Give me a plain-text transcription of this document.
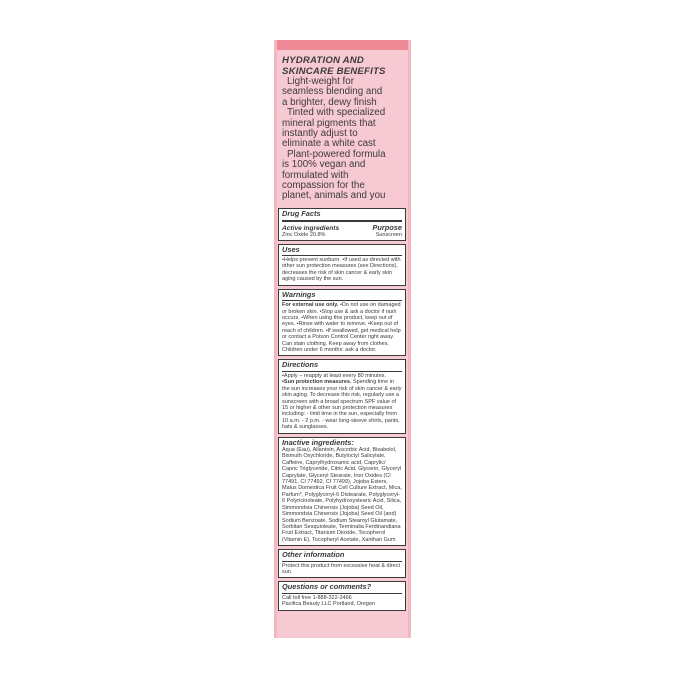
HYDRATION AND
SKINCARE BENEFITS

Light-weight for

seamless blending and

a brighter, dewy finish

Tinted with specialized

mineral pigments that

instantly adjust to

eliminate a white cast

Plant-powered formula

is 100% vegan and

formulated with

compassion for the

planet, animals and you

Drug Facts
Active ingredients	Purpose
Zinc Oxide 20.8%	Sunscreen
Uses
•Helps prevent sunburn. •If used as directed with other sun protection measures (see Directions), decreases the risk of skin cancer & early skin aging caused by the sun.
Warnings
For external use only. •Do not use on damaged or broken skin. •Stop use & ask a doctor if rash occurs. •When using this product, keep out of eyes. •Rinse with water to remove. •Keep out of reach of children. •If swallowed, get medical help or contact a Poison Control Center right away. Can stain clothing. Keep away from clothes. Children under 6 months: ask a doctor.
Directions
•Apply – reapply at least every 80 minutes.
•Sun protection measures. Spending time in the sun increases your risk of skin cancer & early skin aging. To decrease this risk, regularly use a sunscreen with a broad spectrum SPF value of 15 or higher & other sun protection measures including: - limit time in the sun, especially from 10 a.m. - 2 p.m. - wear long-sleeve shirts, pants, hats & sunglasses.
Inactive ingredients:
Aqua (Eau), Allantoin, Ascorbic Acid, Bisabolol, Bismuth Oxychloride, Butyloctyl Salicylate, Caffeine, Caprylhydroxamic acid, Caprylic/ Capric Triglyceride, Citric Acid, Glycerin, Glyceryl Caprylate, Glyceryl Stearate, Iron Oxides (CI 77491, CI 77492, CI 77499), Jojoba Esters, Malus Domestica Fruit Cell Culture Extract, Mica, Parfum*, Polyglyceryl-6 Distearate, Polyglyceryl-6 Polyricinoleate, Polyhydroxystearic Acid, Silica, Simmondsia Chinensis (Jojoba) Seed Oil, Simmondsia Chinensis (Jojoba) Seed Oil (and) Sodium Benzoate, Sodium Stearoyl Glutamate, Sorbitan Sesquioleate, Terminalia Ferdinandiana Fruit Extract, Titanium Dioxide, Tocopherol (Vitamin E), Tocopheryl Acetate, Xanthan Gum
Other information
Protect this product from excessive heat & direct sun.
Questions or comments?
Call toll free 1-888-322-2466
Pacifica Beauty LLC Portland, Oregon
